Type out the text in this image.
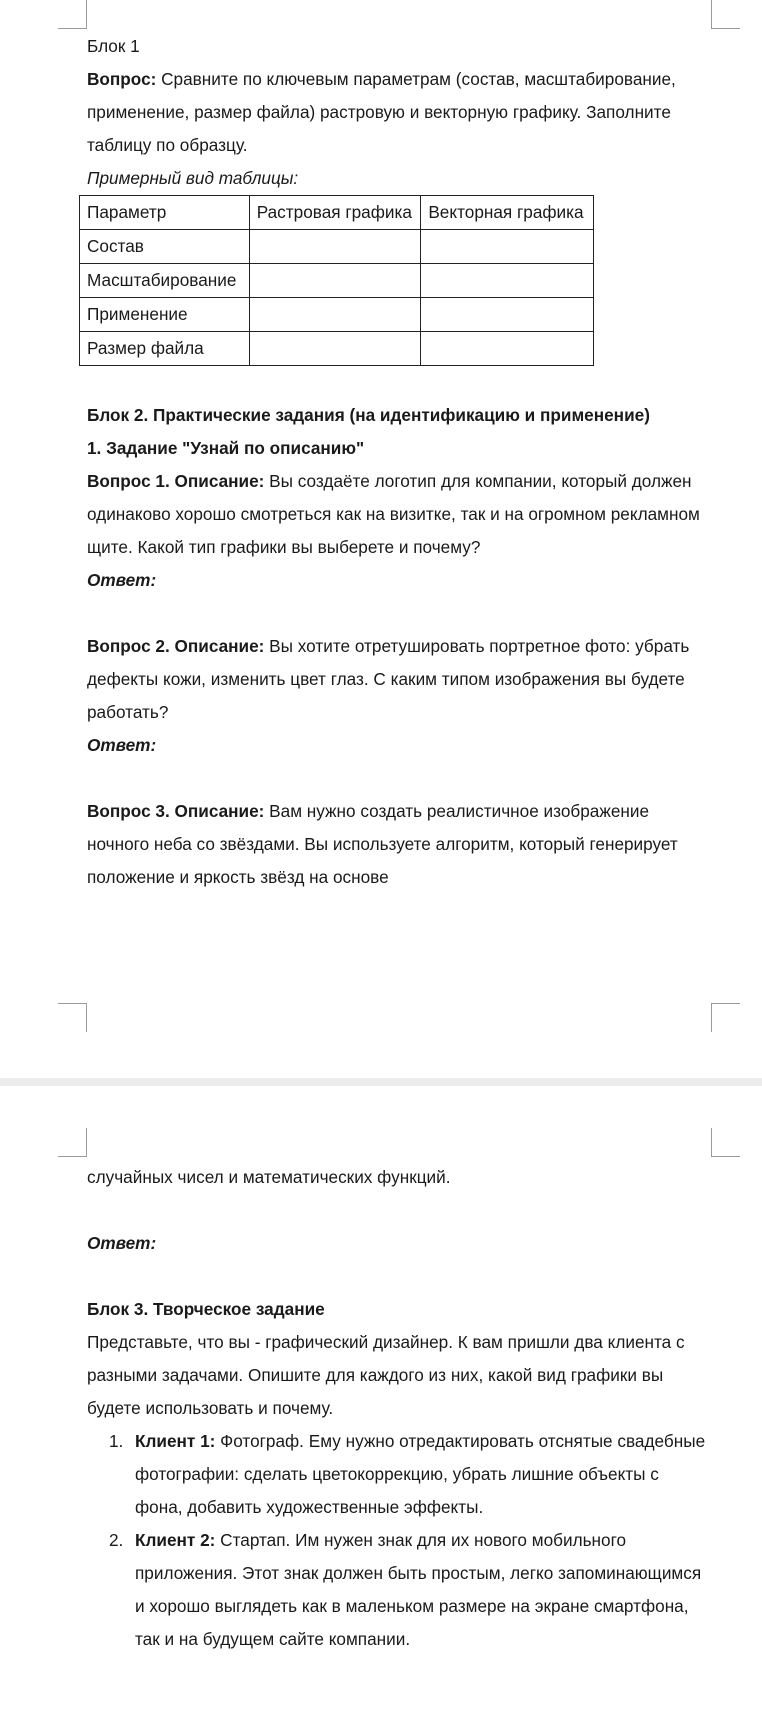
Блок 1

Вопрос: Сравните по ключевым параметрам (состав, масштабирование, применение, размер файла) растровую и векторную графику. Заполните таблицу по образцу.

Примерный вид таблицы:

Параметр	Растровая графика	Векторная графика
Состав		
Масштабирование		
Применение		
Размер файла		

Блок 2. Практические задания (на идентификацию и применение)

1. Задание "Узнай по описанию"

Вопрос 1. Описание: Вы создаёте логотип для компании, который должен одинаково хорошо смотреться как на визитке, так и на огромном рекламном щите. Какой тип графики вы выберете и почему?

Ответ:

Вопрос 2. Описание: Вы хотите отретушировать портретное фото: убрать дефекты кожи, изменить цвет глаз. С каким типом изображения вы будете работать?

Ответ:

Вопрос 3. Описание: Вам нужно создать реалистичное изображение ночного неба со звёздами. Вы используете алгоритм, который генерирует положение и яркость звёзд на основе

случайных чисел и математических функций.

Ответ:

Блок 3. Творческое задание

Представьте, что вы - графический дизайнер. К вам пришли два клиента с разными задачами. Опишите для каждого из них, какой вид графики вы будете использовать и почему.

1. Клиент 1: Фотограф. Ему нужно отредактировать отснятые свадебные фотографии: сделать цветокоррекцию, убрать лишние объекты с фона, добавить художественные эффекты.
2. Клиент 2: Стартап. Им нужен знак для их нового мобильного приложения. Этот знак должен быть простым, легко запоминающимся и хорошо выглядеть как в маленьком размере на экране смартфона, так и на будущем сайте компании.
